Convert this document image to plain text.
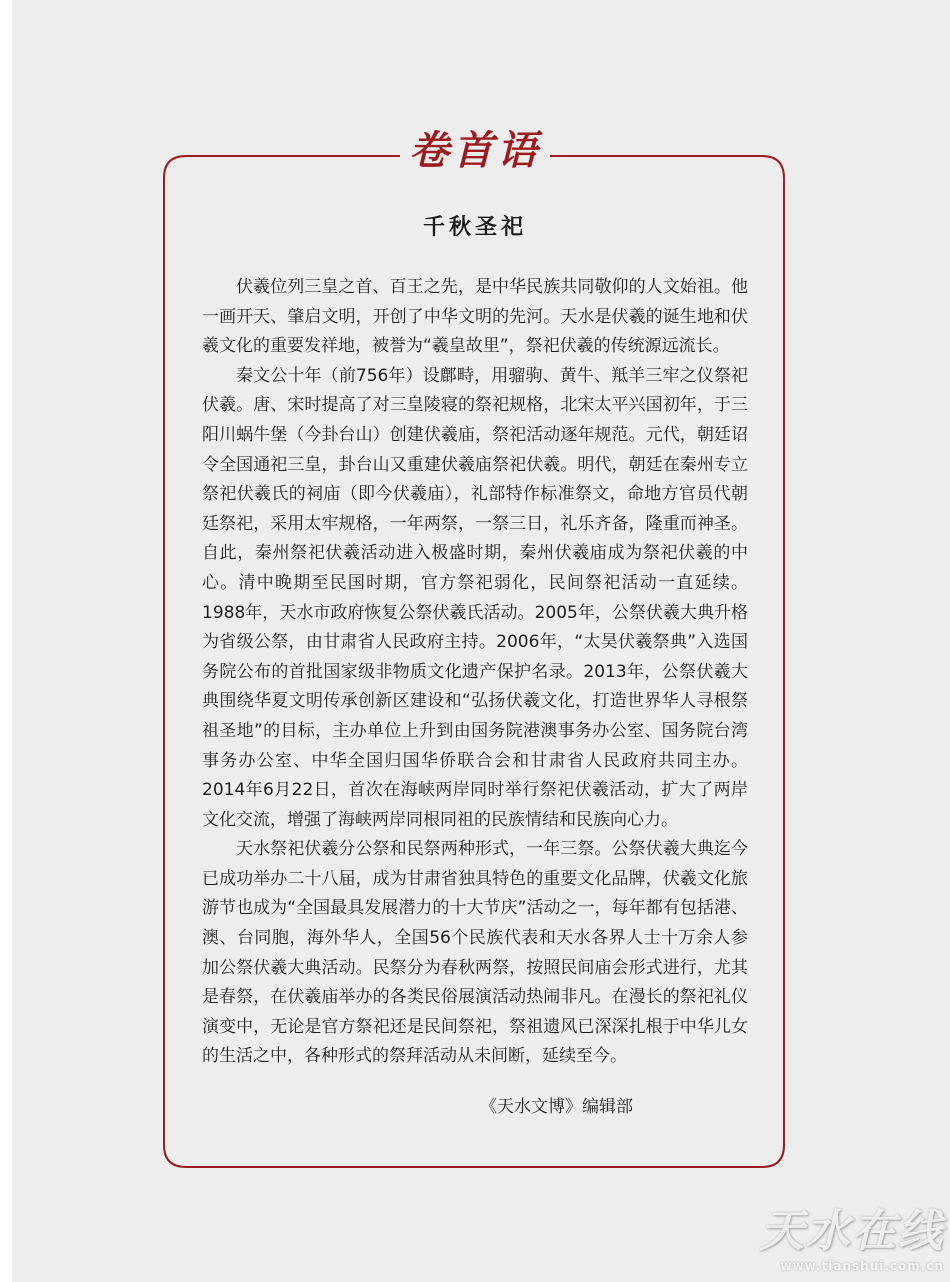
卷首语
千秋圣祀

伏羲位列三皇之首、百王之先，是中华民族共同敬仰的人文始祖。他一画开天、肇启文明，开创了中华文明的先河。天水是伏羲的诞生地和伏羲文化的重要发祥地，被誉为“羲皇故里”，祭祀伏羲的传统源远流长。

秦文公十年（前756年）设鄜畤，用骝驹、黄牛、羝羊三牢之仪祭祀伏羲。唐、宋时提高了对三皇陵寝的祭祀规格，北宋太平兴国初年，于三阳川蜗牛堡（今卦台山）创建伏羲庙，祭祀活动逐年规范。元代，朝廷诏令全国通祀三皇，卦台山又重建伏羲庙祭祀伏羲。明代，朝廷在秦州专立祭祀伏羲氏的祠庙（即今伏羲庙），礼部特作标准祭文，命地方官员代朝廷祭祀，采用太牢规格，一年两祭，一祭三日，礼乐齐备，隆重而神圣。自此，秦州祭祀伏羲活动进入极盛时期，秦州伏羲庙成为祭祀伏羲的中心。清中晚期至民国时期，官方祭祀弱化，民间祭祀活动一直延续。1988年，天水市政府恢复公祭伏羲氏活动。2005年，公祭伏羲大典升格为省级公祭，由甘肃省人民政府主持。2006年，“太昊伏羲祭典”入选国务院公布的首批国家级非物质文化遗产保护名录。2013年，公祭伏羲大典围绕华夏文明传承创新区建设和“弘扬伏羲文化，打造世界华人寻根祭祖圣地”的目标，主办单位上升到由国务院港澳事务办公室、国务院台湾事务办公室、中华全国归国华侨联合会和甘肃省人民政府共同主办。2014年6月22日，首次在海峡两岸同时举行祭祀伏羲活动，扩大了两岸文化交流，增强了海峡两岸同根同祖的民族情结和民族向心力。

天水祭祀伏羲分公祭和民祭两种形式，一年三祭。公祭伏羲大典迄今已成功举办二十八届，成为甘肃省独具特色的重要文化品牌，伏羲文化旅游节也成为“全国最具发展潜力的十大节庆”活动之一，每年都有包括港、澳、台同胞，海外华人，全国56个民族代表和天水各界人士十万余人参加公祭伏羲大典活动。民祭分为春秋两祭，按照民间庙会形式进行，尤其是春祭，在伏羲庙举办的各类民俗展演活动热闹非凡。在漫长的祭祀礼仪演变中，无论是官方祭祀还是民间祭祀，祭祖遗风已深深扎根于中华儿女的生活之中，各种形式的祭拜活动从未间断，延续至今。

《天水文博》编辑部
天水在线
www.tianshui.com.cn
